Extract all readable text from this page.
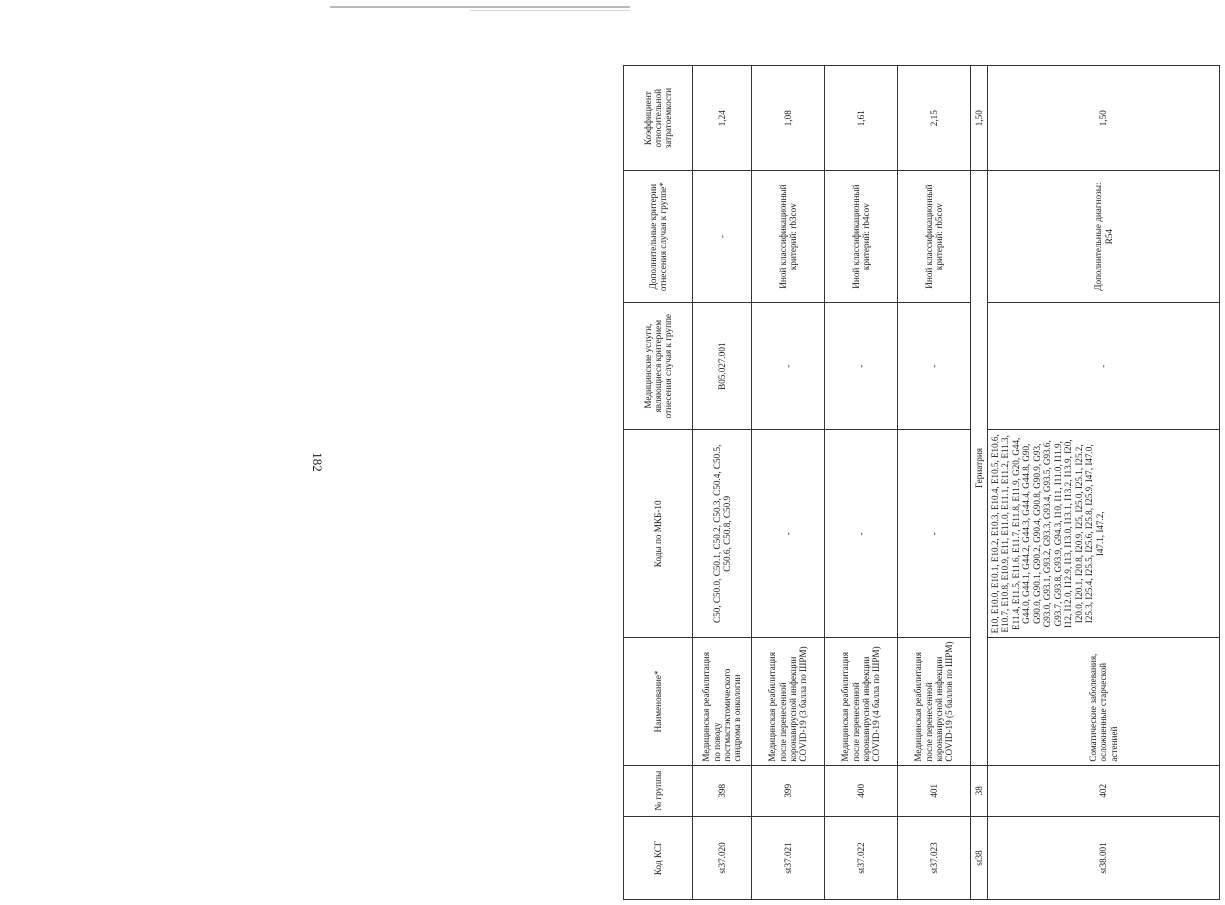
182
Код КСГ	№ группы	Наименование*	Коды по МКБ-10	Медицинские услуги, являющиеся критерием отнесения случая к группе	Дополнительные критерии отнесения случая к группе*	Коэффициент относительной затратоемкости
st37.020	398	Медицинская реабилитация по поводу постмастэктомического синдрома в онкологии	C50, C50.0, C50.1, C50.2, C50.3, C50.4, C50.5, C50.6, C50.8, C50.9	B05.027.001	-	1,24
st37.021	399	Медицинская реабилитация после перенесенной коронавирусной инфекции COVID-19 (3 балла по ШРМ)	-	-	Иной классификационный критерий: rb3cov	1,08
st37.022	400	Медицинская реабилитация после перенесенной коронавирусной инфекции COVID-19 (4 балла по ШРМ)	-	-	Иной классификационный критерий: rb4cov	1,61
st37.023	401	Медицинская реабилитация после перенесенной коронавирусной инфекции COVID-19 (5 баллов по ШРМ)	-	-	Иной классификационный критерий: rb5cov	2,15
st38	38	Гериатрия				1,50
st38.001	402	Соматические заболевания, осложненные старческой астенией	E10, E10.0, E10.1, E10.2, E10.3, E10.4, E10.5, E10.6, E10.7, E10.8, E10.9, E11, E11.0, E11.1, E11.2, E11.3, E11.4, E11.5, E11.6, E11.7, E11.8, E11.9, G20, G44, G44.0, G44.1, G44.2, G44.3, G44.4, G44.8, G90, G90.0, G90.1, G90.2, G90.4, G90.8, G90.9, G93, G93.0, G93.1, G93.2, G93.3, G93.4, G93.5, G93.6, G93.7, G93.8, G93.9, G94.3, I10, I11, I11.0, I11.9, I12, I12.0, I12.9, I13, I13.0, I13.1, I13.2, I13.9, I20, I20.0, I20.1, I20.8, I20.9, I25, I25.0, I25.1, I25.2, I25.3, I25.4, I25.5, I25.6, I25.8, I25.9, I47, I47.0, I47.1, I47.2,	-	Дополнительные диагнозы: R54	1,50
